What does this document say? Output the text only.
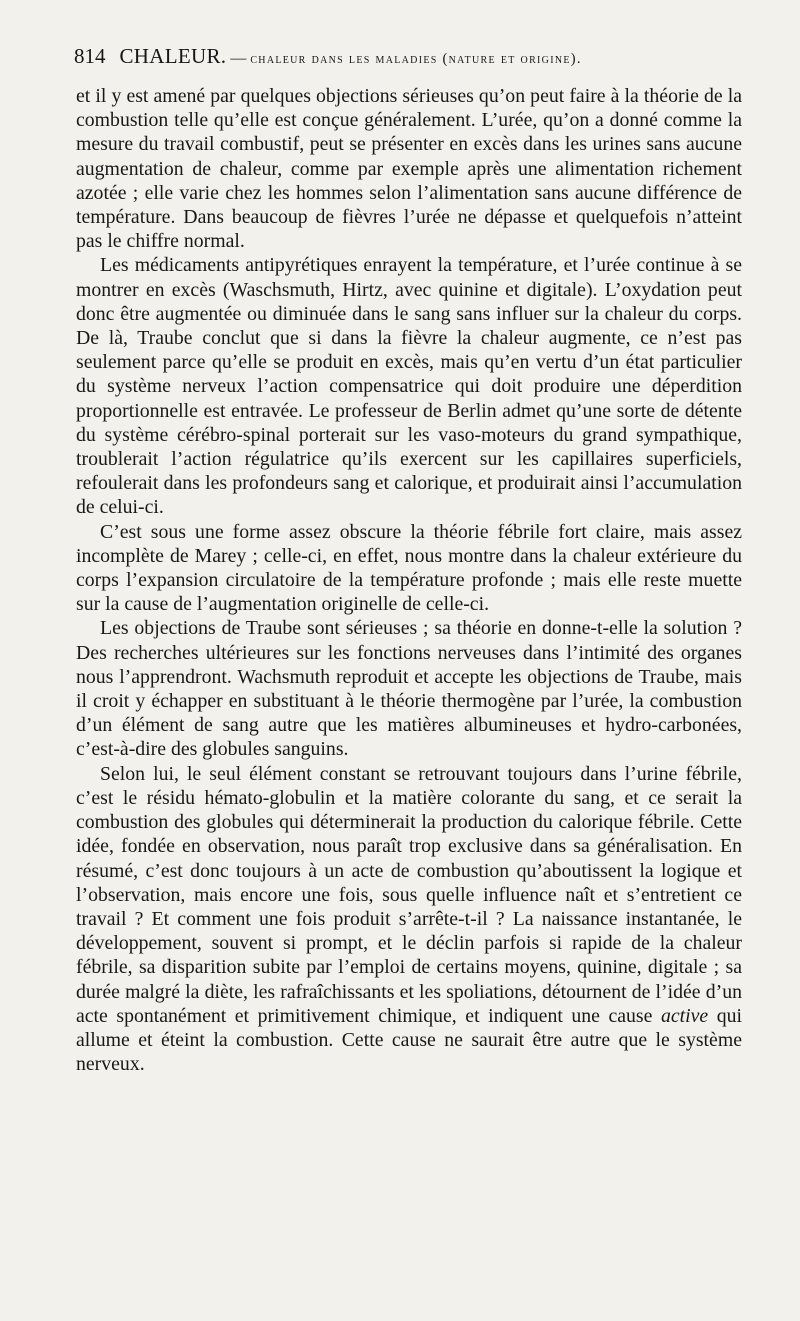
814 CHALEUR. — chaleur dans les maladies (nature et origine).

et il y est amené par quelques objections sérieuses qu’on peut faire à la théorie de la combustion telle qu’elle est conçue généralement. L’urée, qu’on a donné comme la mesure du travail combustif, peut se présenter en excès dans les urines sans aucune augmentation de chaleur, comme par exemple après une alimentation richement azotée ; elle varie chez les hommes selon l’alimentation sans aucune différence de température. Dans beaucoup de fièvres l’urée ne dépasse et quelquefois n’atteint pas le chiffre normal.

Les médicaments antipyrétiques enrayent la température, et l’urée continue à se montrer en excès (Waschsmuth, Hirtz, avec quinine et digitale). L’oxydation peut donc être augmentée ou diminuée dans le sang sans influer sur la chaleur du corps. De là, Traube conclut que si dans la fièvre la chaleur augmente, ce n’est pas seulement parce qu’elle se produit en excès, mais qu’en vertu d’un état particulier du système nerveux l’action compensatrice qui doit produire une déperdition proportionnelle est entravée. Le professeur de Berlin admet qu’une sorte de détente du système cérébro-spinal porterait sur les vaso-moteurs du grand sympathique, troublerait l’action régulatrice qu’ils exercent sur les capillaires superficiels, refoulerait dans les profondeurs sang et calorique, et produirait ainsi l’accumulation de celui-ci.

C’est sous une forme assez obscure la théorie fébrile fort claire, mais assez incomplète de Marey ; celle-ci, en effet, nous montre dans la chaleur extérieure du corps l’expansion circulatoire de la température profonde ; mais elle reste muette sur la cause de l’augmentation originelle de celle-ci.

Les objections de Traube sont sérieuses ; sa théorie en donne-t-elle la solution ? Des recherches ultérieures sur les fonctions nerveuses dans l’intimité des organes nous l’apprendront. Wachsmuth reproduit et accepte les objections de Traube, mais il croit y échapper en substituant à le théorie thermogène par l’urée, la combustion d’un élément de sang autre que les matières albumineuses et hydro-carbonées, c’est-à-dire des globules sanguins.

Selon lui, le seul élément constant se retrouvant toujours dans l’urine fébrile, c’est le résidu hémato-globulin et la matière colorante du sang, et ce serait la combustion des globules qui déterminerait la production du calorique fébrile. Cette idée, fondée en observation, nous paraît trop exclusive dans sa généralisation. En résumé, c’est donc toujours à un acte de combustion qu’aboutissent la logique et l’observation, mais encore une fois, sous quelle influence naît et s’entretient ce travail ? Et comment une fois produit s’arrête-t-il ? La naissance instantanée, le développement, souvent si prompt, et le déclin parfois si rapide de la chaleur fébrile, sa disparition subite par l’emploi de certains moyens, quinine, digitale ; sa durée malgré la diète, les rafraîchissants et les spoliations, détournent de l’idée d’un acte spontanément et primitivement chimique, et indiquent une cause active qui allume et éteint la combustion. Cette cause ne saurait être autre que le système nerveux.
